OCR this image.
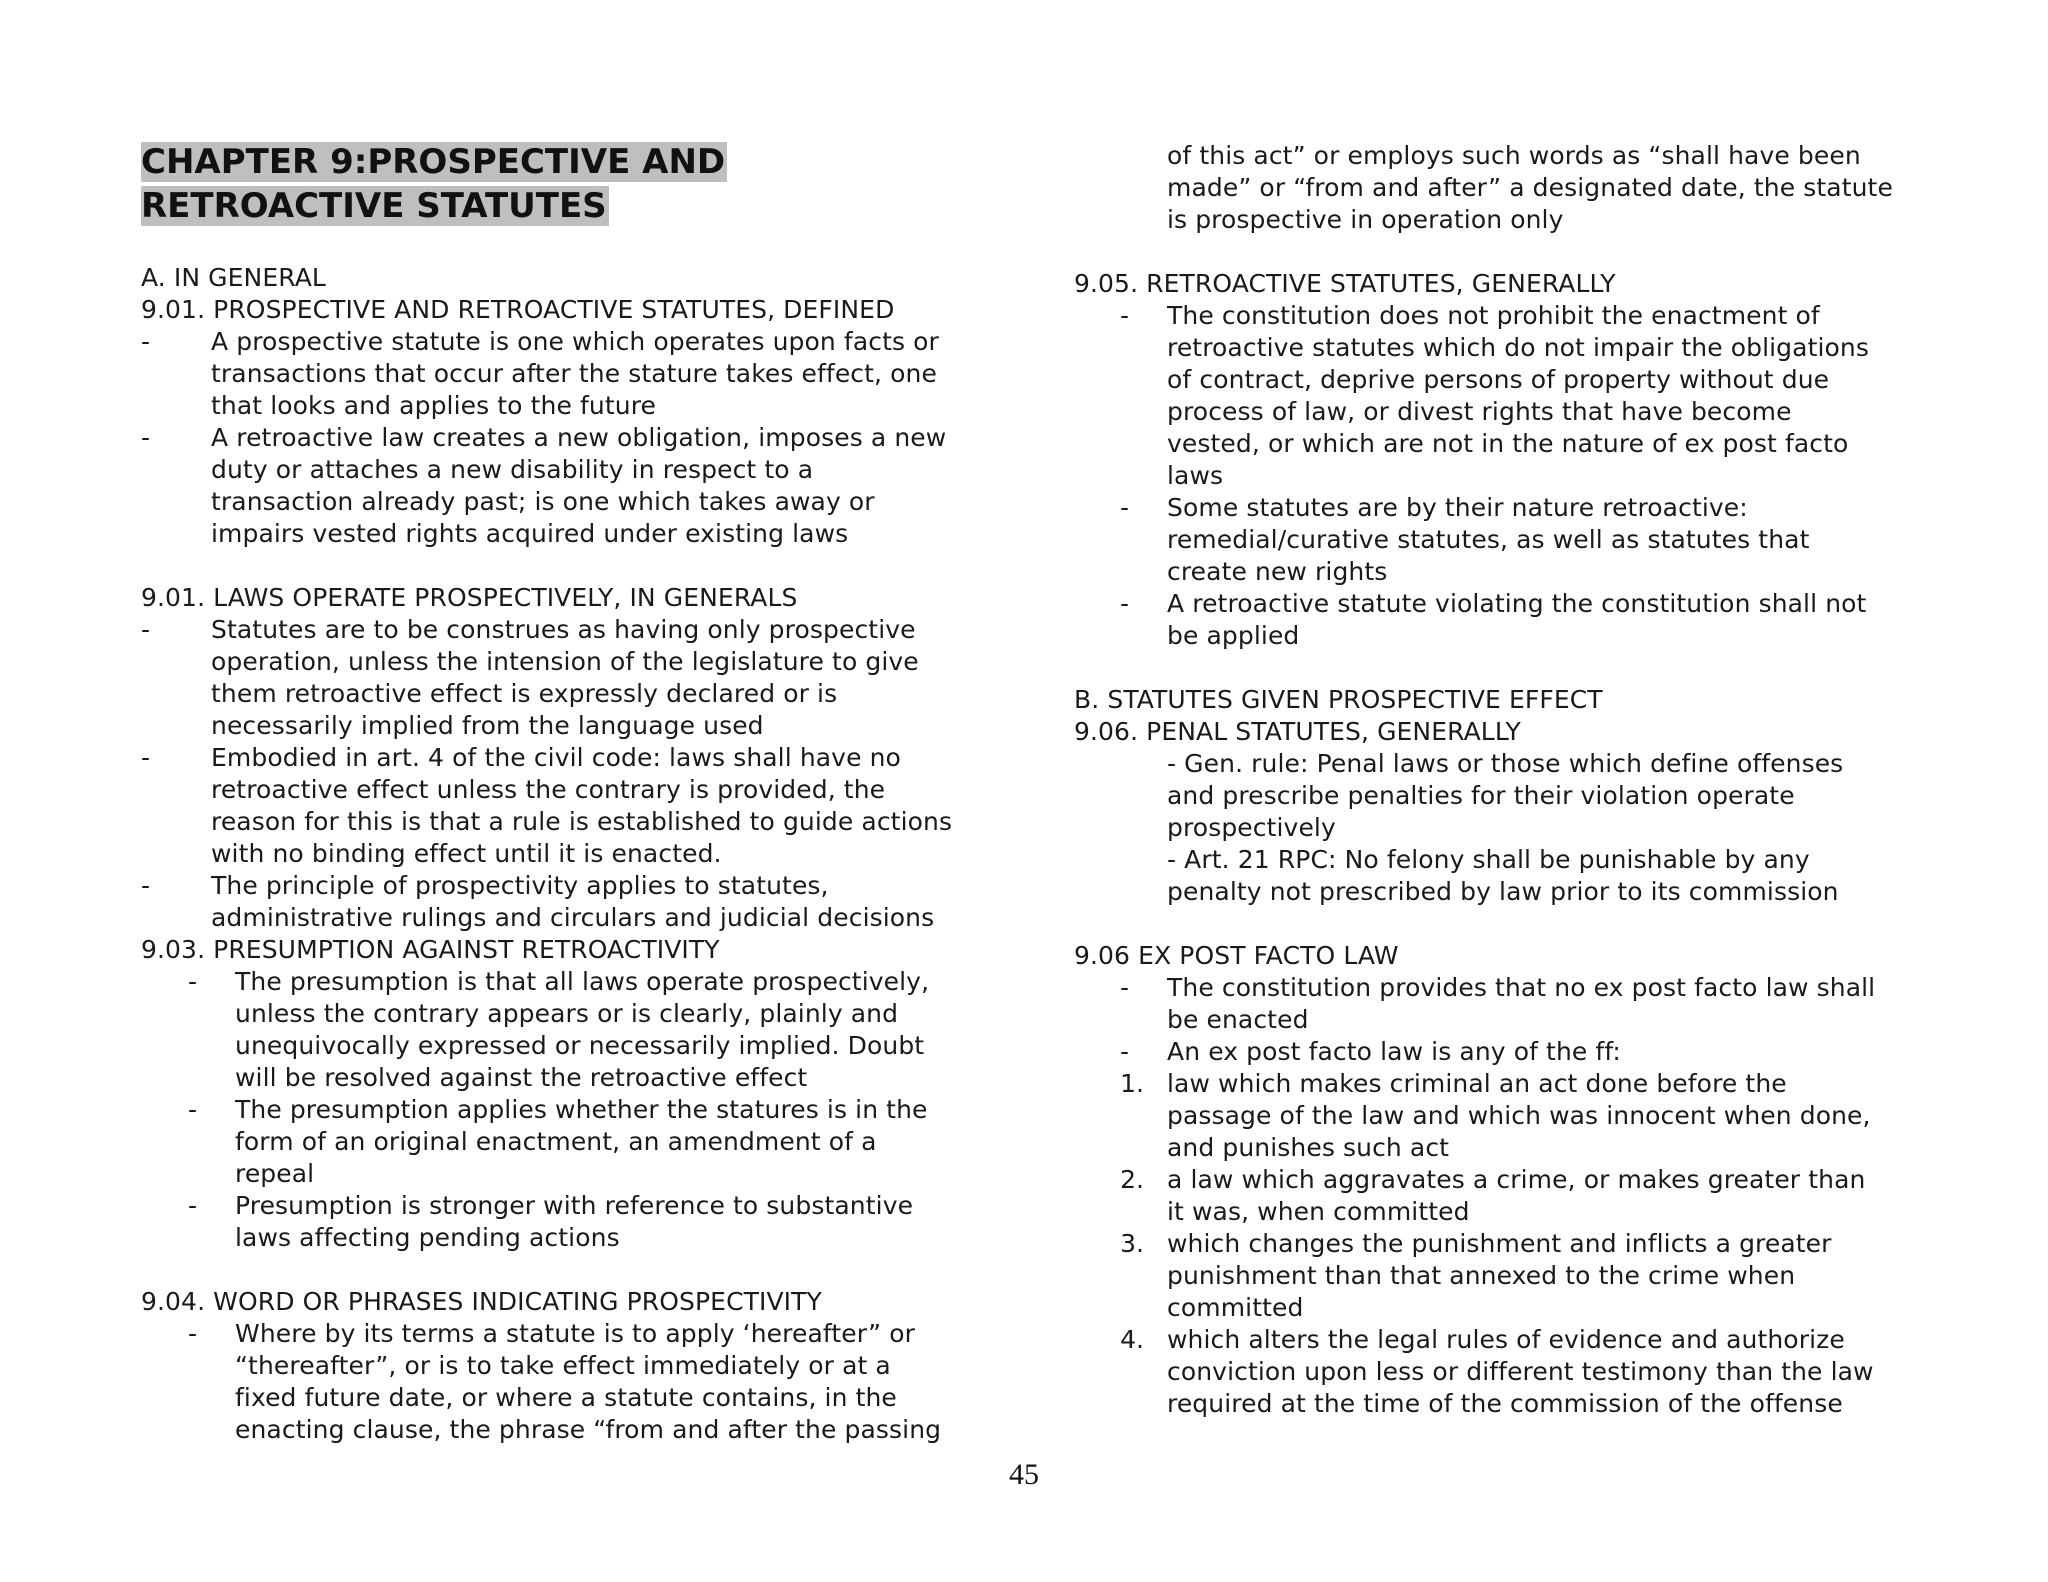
CHAPTER 9:PROSPECTIVE AND
RETROACTIVE STATUTES
A. IN GENERAL
9.01. PROSPECTIVE AND RETROACTIVE STATUTES, DEFINED
- A prospective statute is one which operates upon facts or
transactions that occur after the stature takes effect, one
that looks and applies to the future
- A retroactive law creates a new obligation, imposes a new
duty or attaches a new disability in respect to a
transaction already past; is one which takes away or
impairs vested rights acquired under existing laws
9.01. LAWS OPERATE PROSPECTIVELY, IN GENERALS
- Statutes are to be construes as having only prospective
operation, unless the intension of the legislature to give
them retroactive effect is expressly declared or is
necessarily implied from the language used
- Embodied in art. 4 of the civil code: laws shall have no
retroactive effect unless the contrary is provided, the
reason for this is that a rule is established to guide actions
with no binding effect until it is enacted.
- The principle of prospectivity applies to statutes,
administrative rulings and circulars and judicial decisions
9.03. PRESUMPTION AGAINST RETROACTIVITY
- The presumption is that all laws operate prospectively,
unless the contrary appears or is clearly, plainly and
unequivocally expressed or necessarily implied. Doubt
will be resolved against the retroactive effect
- The presumption applies whether the statures is in the
form of an original enactment, an amendment of a
repeal
- Presumption is stronger with reference to substantive
laws affecting pending actions
9.04. WORD OR PHRASES INDICATING PROSPECTIVITY
- Where by its terms a statute is to apply ‘hereafter” or
“thereafter”, or is to take effect immediately or at a
fixed future date, or where a statute contains, in the
enacting clause, the phrase “from and after the passing
of this act” or employs such words as “shall have been
made” or “from and after” a designated date, the statute
is prospective in operation only
9.05. RETROACTIVE STATUTES, GENERALLY
- The constitution does not prohibit the enactment of
retroactive statutes which do not impair the obligations
of contract, deprive persons of property without due
process of law, or divest rights that have become
vested, or which are not in the nature of ex post facto
laws
- Some statutes are by their nature retroactive:
remedial/curative statutes, as well as statutes that
create new rights
- A retroactive statute violating the constitution shall not
be applied
B. STATUTES GIVEN PROSPECTIVE EFFECT
9.06. PENAL STATUTES, GENERALLY
- Gen. rule: Penal laws or those which define offenses
and prescribe penalties for their violation operate
prospectively
- Art. 21 RPC: No felony shall be punishable by any
penalty not prescribed by law prior to its commission
9.06 EX POST FACTO LAW
- The constitution provides that no ex post facto law shall
be enacted
- An ex post facto law is any of the ff:
1. law which makes criminal an act done before the
passage of the law and which was innocent when done,
and punishes such act
2. a law which aggravates a crime, or makes greater than
it was, when committed
3. which changes the punishment and inflicts a greater
punishment than that annexed to the crime when
committed
4. which alters the legal rules of evidence and authorize
conviction upon less or different testimony than the law
required at the time of the commission of the offense
45
